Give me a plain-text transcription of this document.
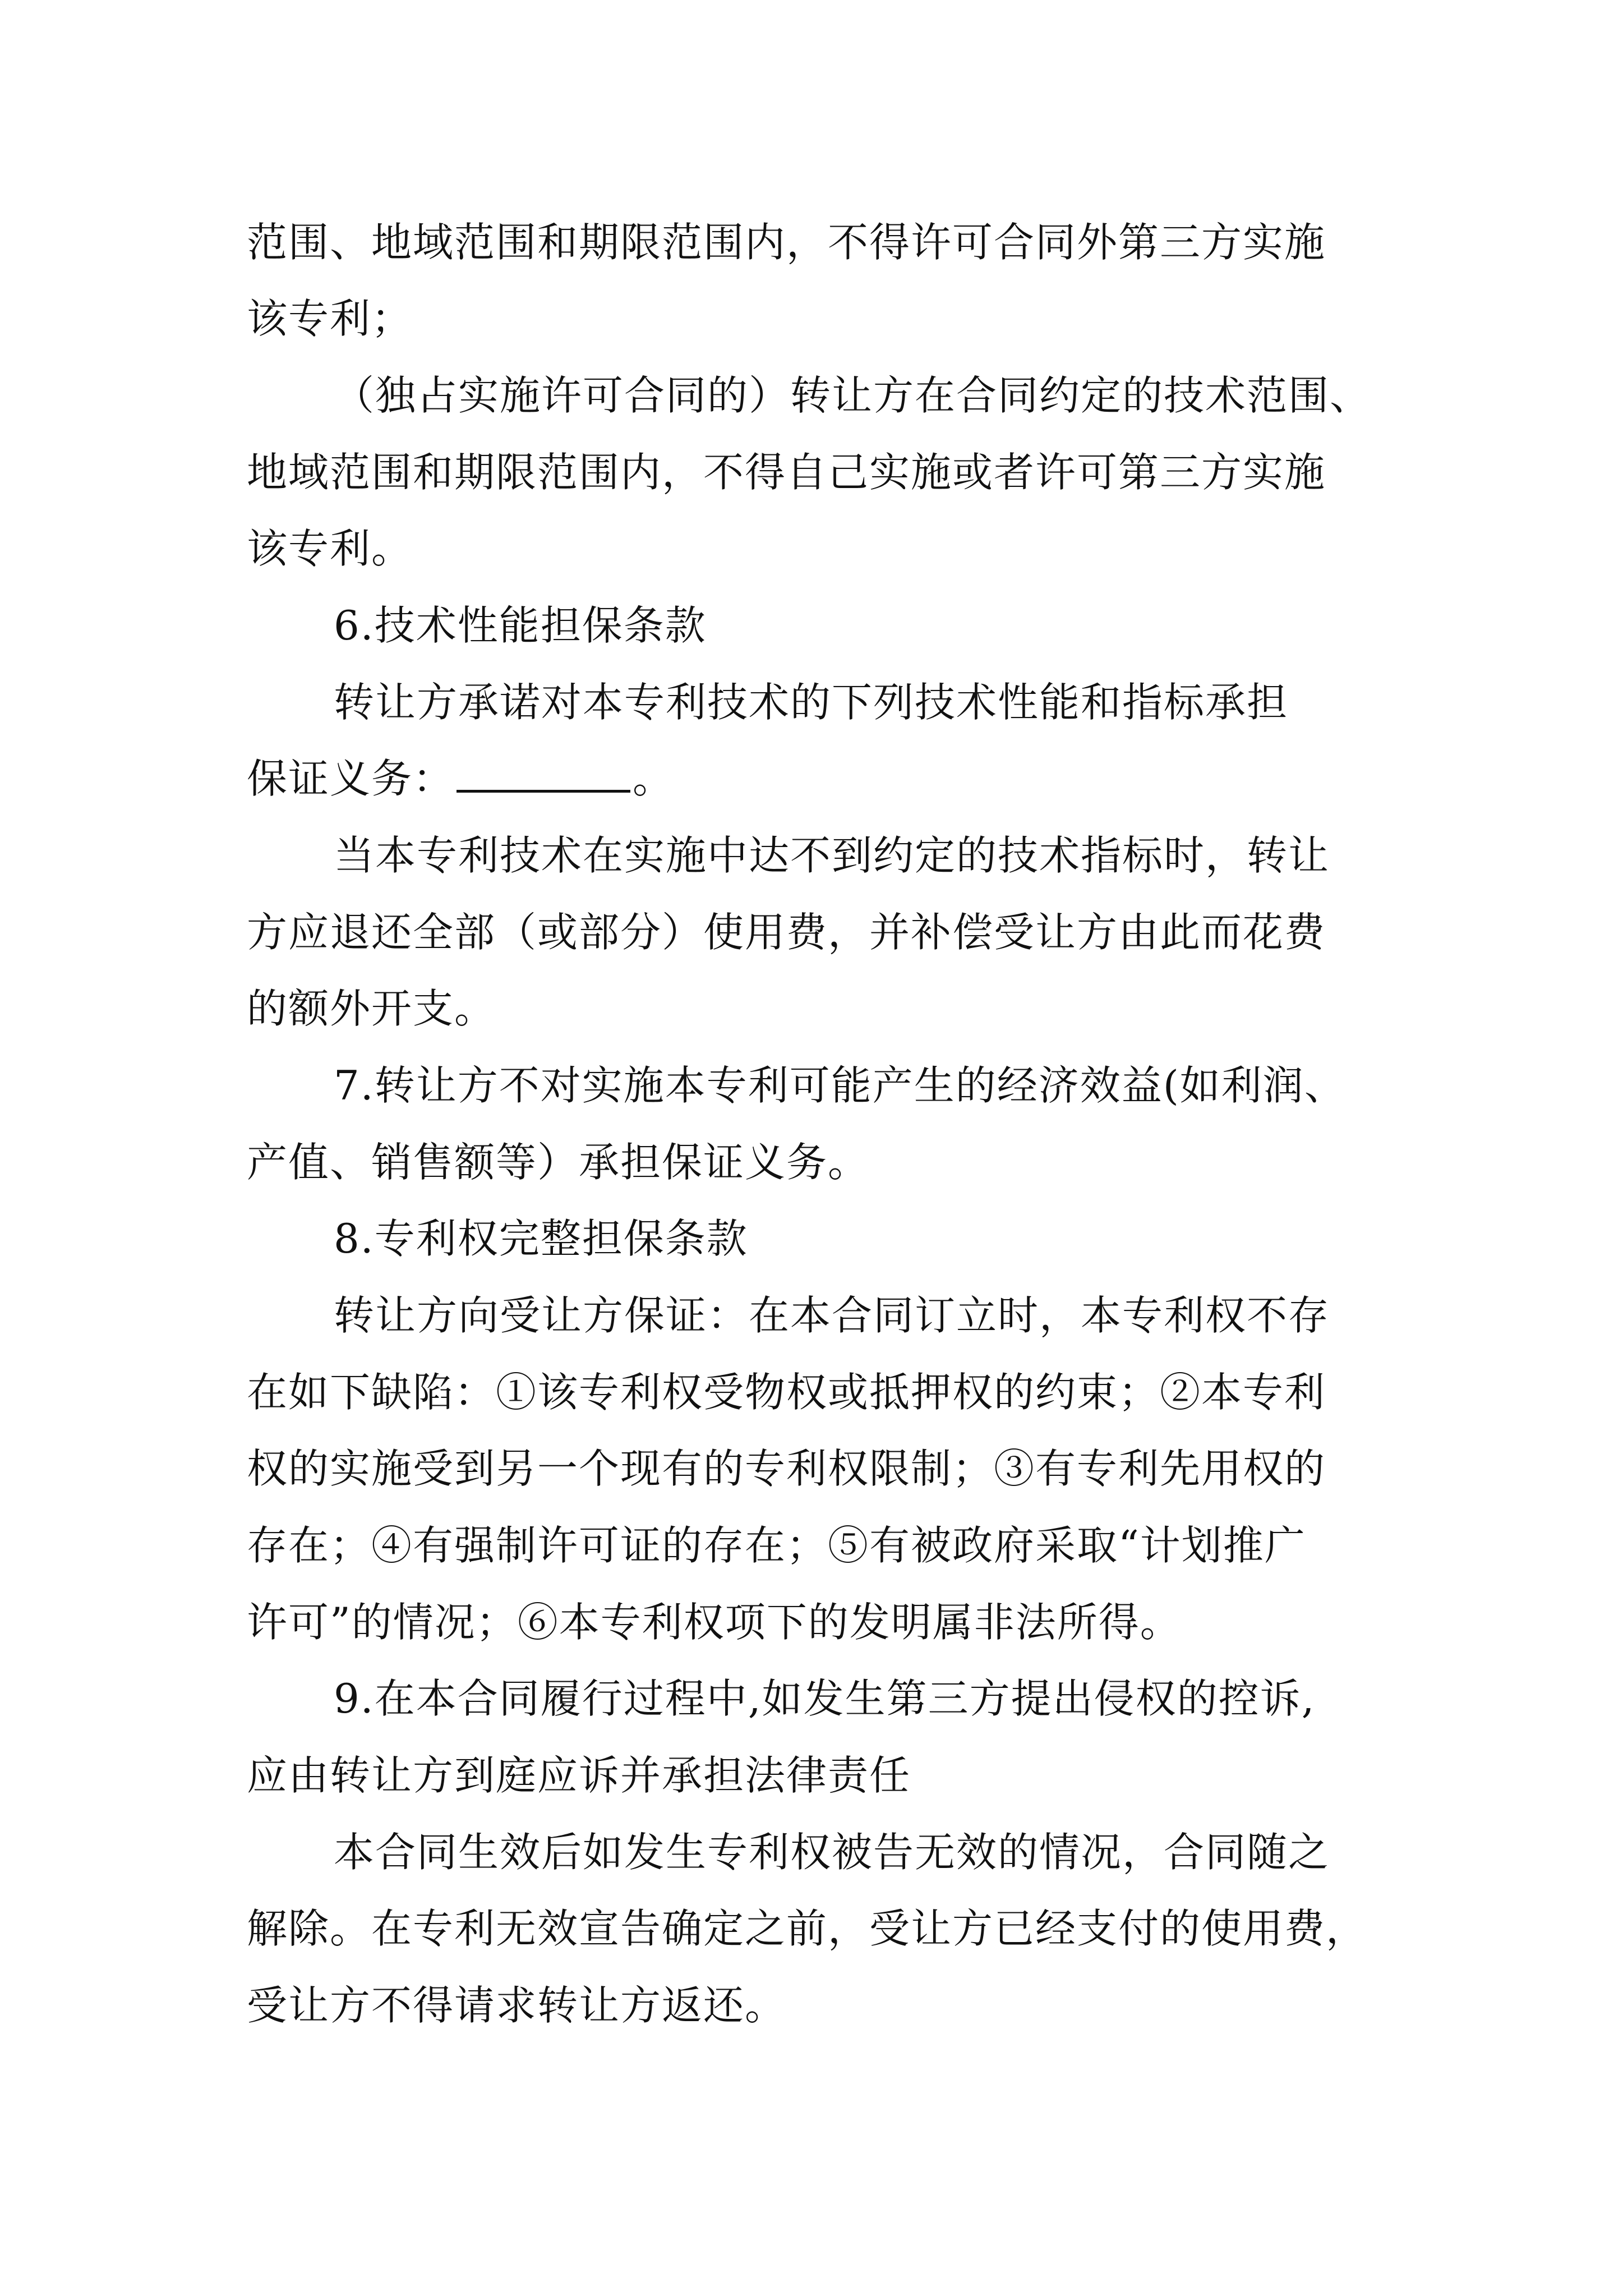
范围、地域范围和期限范围内，不得许可合同外第三方实施
该专利；
（独占实施许可合同的）转让方在合同约定的技术范围、
地域范围和期限范围内，不得自己实施或者许可第三方实施
该专利。
6.技术性能担保条款
转让方承诺对本专利技术的下列技术性能和指标承担
保证义务：	。
当本专利技术在实施中达不到约定的技术指标时，转让
方应退还全部（或部分）使用费，并补偿受让方由此而花费
的额外开支。
7.转让方不对实施本专利可能产生的经济效益(如利润、
产值、销售额等）承担保证义务。
8.专利权完整担保条款
转让方向受让方保证：在本合同订立时，本专利权不存
在如下缺陷：①该专利权受物权或抵押权的约束；②本专利
权的实施受到另一个现有的专利权限制；③有专利先用权的
存在；④有强制许可证的存在；⑤有被政府采取“计划推广
许可”的情况；⑥本专利权项下的发明属非法所得。
9.在本合同履行过程中,如发生第三方提出侵权的控诉,
应由转让方到庭应诉并承担法律责任
本合同生效后如发生专利权被告无效的情况，合同随之
解除。在专利无效宣告确定之前，受让方已经支付的使用费，
受让方不得请求转让方返还。
